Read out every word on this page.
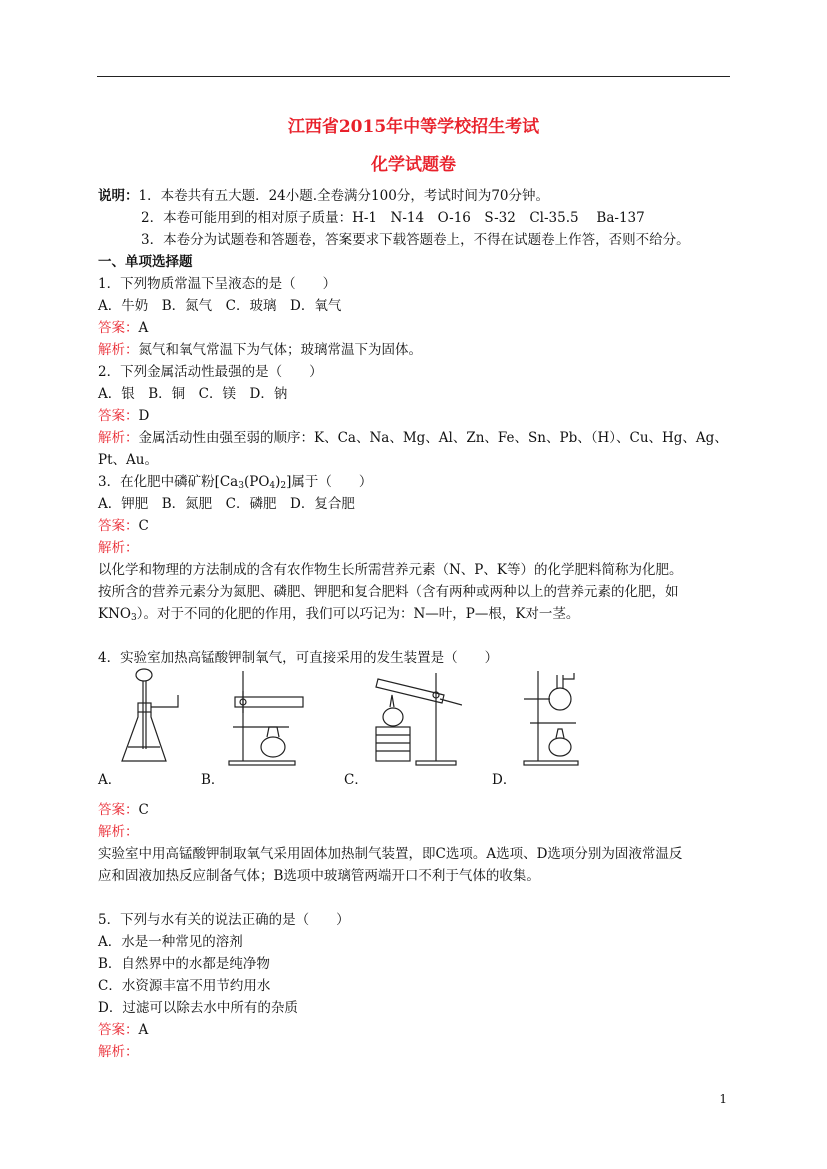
江西省2015年中等学校招生考试
化学试题卷
说明：1．本卷共有五大题．24小题.全卷满分100分，考试时间为70分钟。
2．本卷可能用到的相对原子质量：H-1　N-14　O-16　S-32　Cl-35.5　 Ba-137
3．本卷分为试题卷和答题卷，答案要求下载答题卷上，不得在试题卷上作答，否则不给分。
一、单项选择题
1．下列物质常温下呈液态的是（　　）
A．牛奶　B．氮气　C．玻璃　D．氧气
答案：A
解析：氮气和氧气常温下为气体；玻璃常温下为固体。
2．下列金属活动性最强的是（　　）
A．银　B．铜　C．镁　D．钠
答案：D
解析：金属活动性由强至弱的顺序：K、Ca、Na、Mg、Al、Zn、Fe、Sn、Pb、（H）、Cu、Hg、Ag、
Pt、Au。
3．在化肥中磷矿粉$[Ca_3(PO_4)_2]$属于（　　）
A．钾肥　B．氮肥　C．磷肥　D．复合肥
答案：C
解析：
以化学和物理的方法制成的含有农作物生长所需营养元素（N、P、K等）的化学肥料简称为化肥。
按所含的营养元素分为氮肥、磷肥、钾肥和复合肥料（含有两种或两种以上的营养元素的化肥，如
$KNO_3$）。对于不同的化肥的作用，我们可以巧记为：N—叶，P—根，K对一茎。
4．实验室加热高锰酸钾制氧气，可直接采用的发生装置是（　　）
A．	B．	C．	D．
答案：C
解析：
实验室中用高锰酸钾制取氧气采用固体加热制气装置，即C选项。A选项、D选项分别为固液常温反
应和固液加热反应制备气体；B选项中玻璃管两端开口不利于气体的收集。
5．下列与水有关的说法正确的是（　　）
A．水是一种常见的溶剂
B．自然界中的水都是纯净物
C．水资源丰富不用节约用水
D．过滤可以除去水中所有的杂质
答案：A
解析：
1
